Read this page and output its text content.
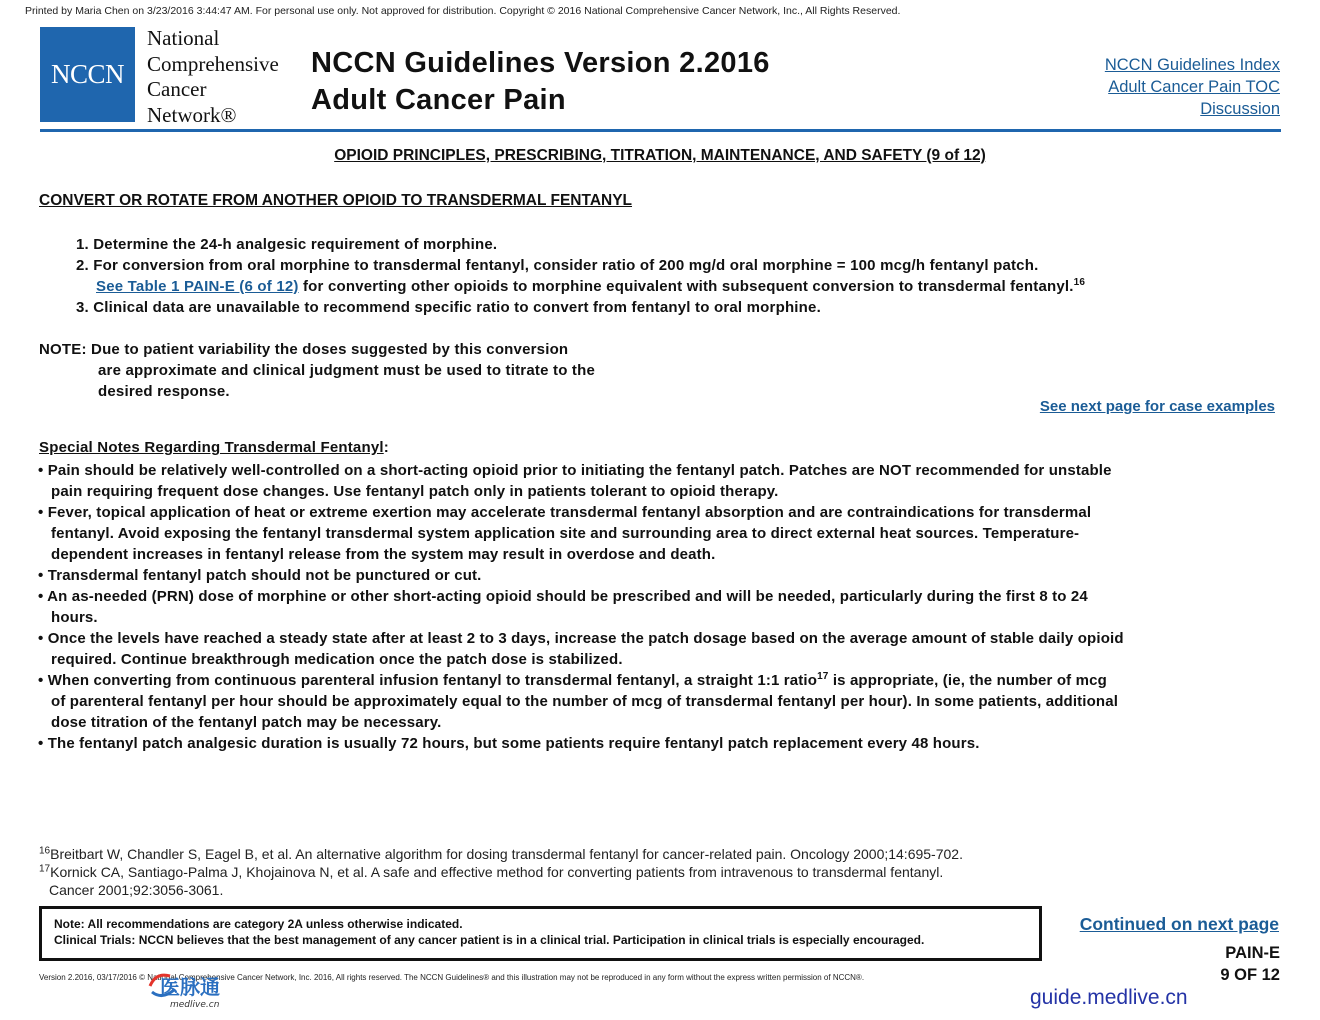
Printed by Maria Chen on 3/23/2016 3:44:47 AM. For personal use only. Not approved for distribution. Copyright © 2016 National Comprehensive Cancer Network, Inc., All Rights Reserved.
NCCN
National
Comprehensive
Cancer
Network®
NCCN Guidelines Version 2.2016
Adult Cancer Pain
NCCN Guidelines Index
Adult Cancer Pain TOC
Discussion
OPIOID PRINCIPLES, PRESCRIBING, TITRATION, MAINTENANCE, AND SAFETY (9 of 12)
CONVERT OR ROTATE FROM ANOTHER OPIOID TO TRANSDERMAL FENTANYL
1. Determine the 24-h analgesic requirement of morphine.
2. For conversion from oral morphine to transdermal fentanyl, consider ratio of 200 mg/d oral morphine = 100 mcg/h fentanyl patch.
See Table 1 PAIN-E (6 of 12) for converting other opioids to morphine equivalent with subsequent conversion to transdermal fentanyl.$^{16}$
3. Clinical data are unavailable to recommend specific ratio to convert from fentanyl to oral morphine.
NOTE: Due to patient variability the doses suggested by this conversion
are approximate and clinical judgment must be used to titrate to the
desired response.
See next page for case examples
Special Notes Regarding Transdermal Fentanyl:
• Pain should be relatively well-controlled on a short-acting opioid prior to initiating the fentanyl patch. Patches are NOT recommended for unstable
pain requiring frequent dose changes. Use fentanyl patch only in patients tolerant to opioid therapy.
• Fever, topical application of heat or extreme exertion may accelerate transdermal fentanyl absorption and are contraindications for transdermal
fentanyl. Avoid exposing the fentanyl transdermal system application site and surrounding area to direct external heat sources. Temperature-
dependent increases in fentanyl release from the system may result in overdose and death.
• Transdermal fentanyl patch should not be punctured or cut.
• An as-needed (PRN) dose of morphine or other short-acting opioid should be prescribed and will be needed, particularly during the first 8 to 24
hours.
• Once the levels have reached a steady state after at least 2 to 3 days, increase the patch dosage based on the average amount of stable daily opioid
required. Continue breakthrough medication once the patch dose is stabilized.
• When converting from continuous parenteral infusion fentanyl to transdermal fentanyl, a straight 1:1 ratio$^{17}$ is appropriate, (ie, the number of mcg
of parenteral fentanyl per hour should be approximately equal to the number of mcg of transdermal fentanyl per hour). In some patients, additional
dose titration of the fentanyl patch may be necessary.
• The fentanyl patch analgesic duration is usually 72 hours, but some patients require fentanyl patch replacement every 48 hours.
$^{16}$Breitbart W, Chandler S, Eagel B, et al. An alternative algorithm for dosing transdermal fentanyl for cancer-related pain. Oncology 2000;14:695-702.
$^{17}$Kornick CA, Santiago-Palma J, Khojainova N, et al. A safe and effective method for converting patients from intravenous to transdermal fentanyl.
Cancer 2001;92:3056-3061.
Note: All recommendations are category 2A unless otherwise indicated.
Clinical Trials: NCCN believes that the best management of any cancer patient is in a clinical trial. Participation in clinical trials is especially encouraged.
Continued on next page
PAIN-E
9 OF 12
Version 2.2016, 03/17/2016 © National Comprehensive Cancer Network, Inc. 2016, All rights reserved. The NCCN Guidelines® and this illustration may not be reproduced in any form without the express written permission of NCCN®.
医脉通
medlive.cn	guide.medlive.cn
